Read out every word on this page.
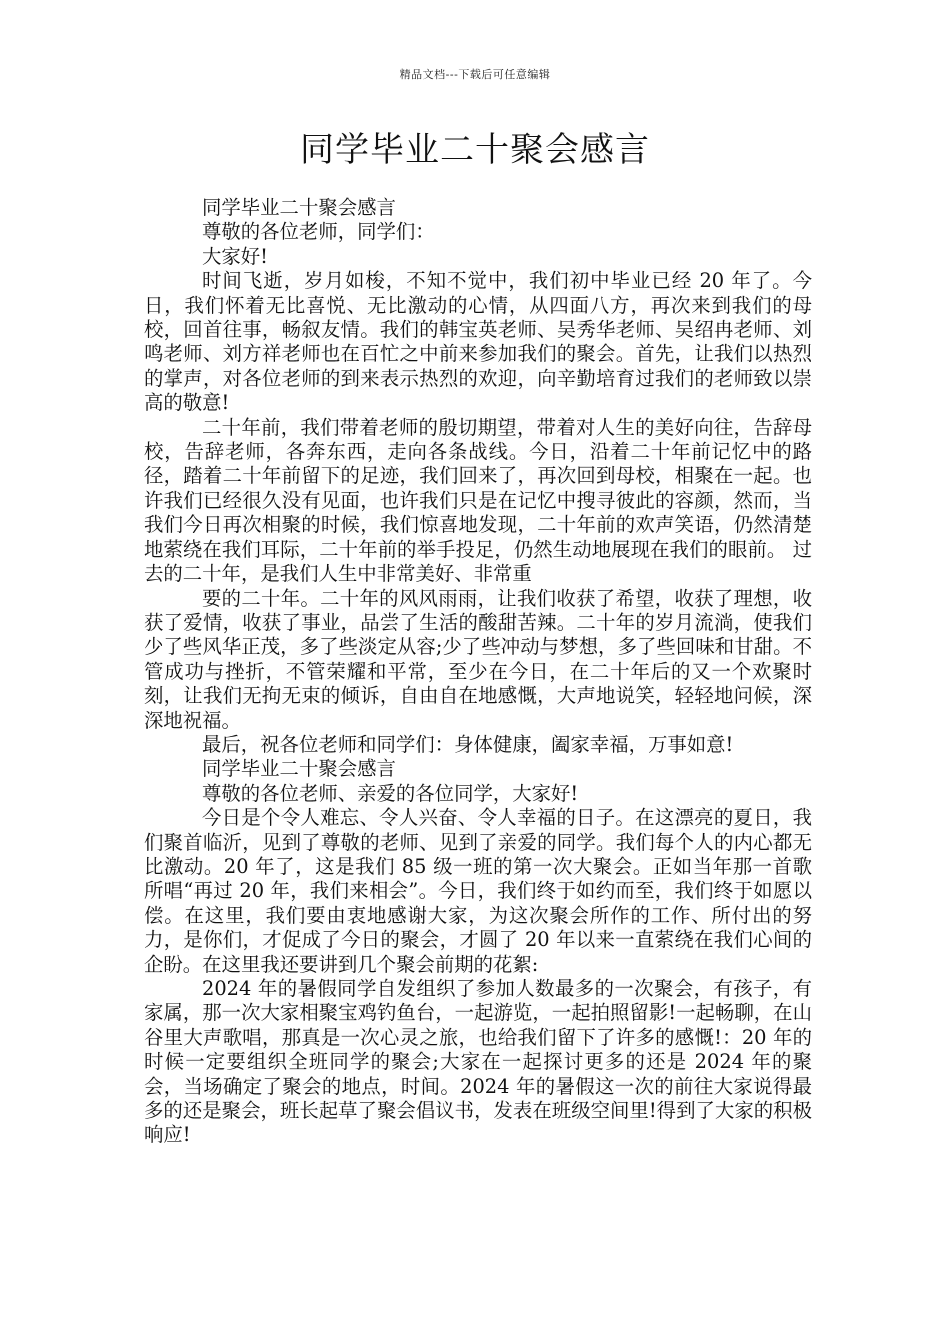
精品文档---下载后可任意编辑
同学毕业二十聚会感言

同学毕业二十聚会感言

尊敬的各位老师，同学们：

大家好!

时间飞逝，岁月如梭，不知不觉中，我们初中毕业已经 20 年了。今日，我们怀着无比喜悦、无比激动的心情，从四面八方，再次来到我们的母校，回首往事，畅叙友情。我们的韩宝英老师、吴秀华老师、吴绍冉老师、刘鸣老师、刘方祥老师也在百忙之中前来参加我们的聚会。首先，让我们以热烈的掌声，对各位老师的到来表示热烈的欢迎，向辛勤培育过我们的老师致以崇高的敬意!

二十年前，我们带着老师的殷切期望，带着对人生的美好向往，告辞母校，告辞老师，各奔东西，走向各条战线。今日，沿着二十年前记忆中的路径，踏着二十年前留下的足迹，我们回来了，再次回到母校，相聚在一起。也许我们已经很久没有见面，也许我们只是在记忆中搜寻彼此的容颜，然而，当我们今日再次相聚的时候，我们惊喜地发现，二十年前的欢声笑语，仍然清楚地萦绕在我们耳际，二十年前的举手投足，仍然生动地展现在我们的眼前。 过去的二十年，是我们人生中非常美好、非常重

要的二十年。二十年的风风雨雨，让我们收获了希望，收获了理想，收获了爱情，收获了事业，品尝了生活的酸甜苦辣。二十年的岁月流淌，使我们少了些风华正茂，多了些淡定从容;少了些冲动与梦想，多了些回味和甘甜。不管成功与挫折，不管荣耀和平常，至少在今日，在二十年后的又一个欢聚时刻，让我们无拘无束的倾诉，自由自在地感慨，大声地说笑，轻轻地问候，深深地祝福。

最后，祝各位老师和同学们：身体健康，阖家幸福，万事如意!

同学毕业二十聚会感言

尊敬的各位老师、亲爱的各位同学，大家好!

今日是个令人难忘、令人兴奋、令人幸福的日子。在这漂亮的夏日，我们聚首临沂，见到了尊敬的老师、见到了亲爱的同学。我们每个人的内心都无比激动。20 年了，这是我们 85 级一班的第一次大聚会。正如当年那一首歌所唱“再过 20 年，我们来相会”。今日，我们终于如约而至，我们终于如愿以偿。在这里，我们要由衷地感谢大家，为这次聚会所作的工作、所付出的努力，是你们，才促成了今日的聚会，才圆了 20 年以来一直萦绕在我们心间的企盼。在这里我还要讲到几个聚会前期的花絮:

2024 年的暑假同学自发组织了参加人数最多的一次聚会，有孩子，有家属，那一次大家相聚宝鸡钓鱼台，一起游览，一起拍照留影!一起畅聊，在山谷里大声歌唱，那真是一次心灵之旅，也给我们留下了许多的感慨!：20 年的时候一定要组织全班同学的聚会;大家在一起探讨更多的还是 2024 年的聚会，当场确定了聚会的地点，时间。2024 年的暑假这一次的前往大家说得最多的还是聚会，班长起草了聚会倡议书，发表在班级空间里!得到了大家的积极响应!
